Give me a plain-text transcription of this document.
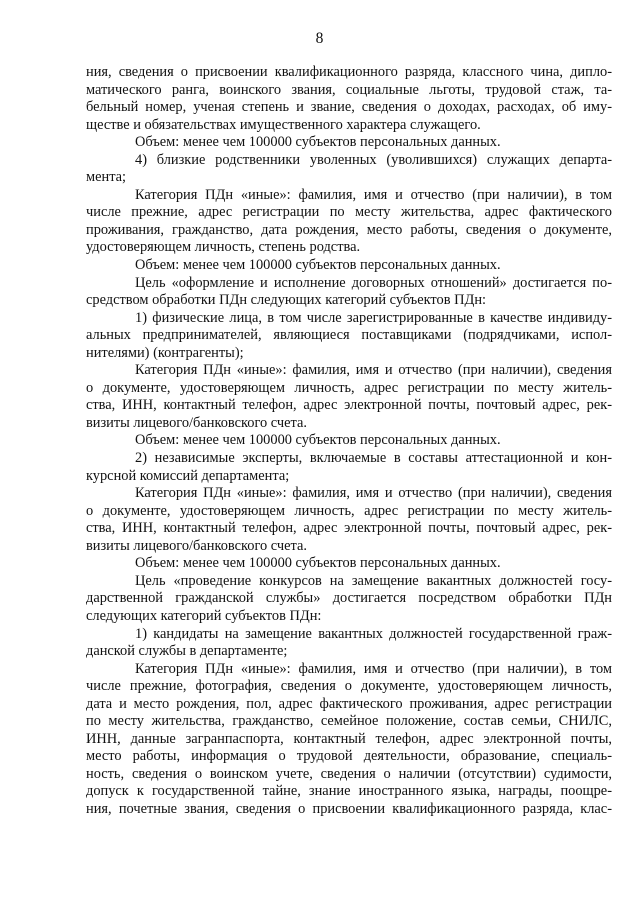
8
ния, сведения о присвоении квалификационного разряда, классного чина, дипло-
матического ранга, воинского звания, социальные льготы, трудовой стаж, та-
бельный номер, ученая степень и звание, сведения о доходах, расходах, об иму-
ществе и обязательствах имущественного характера служащего.
Объем: менее чем 100000 субъектов персональных данных.
4) близкие родственники уволенных (уволившихся) служащих департа-
мента;
Категория ПДн «иные»: фамилия, имя и отчество (при наличии), в том
числе прежние, адрес регистрации по месту жительства, адрес фактического
проживания, гражданство, дата рождения, место работы, сведения о документе,
удостоверяющем личность, степень родства.
Объем: менее чем 100000 субъектов персональных данных.
Цель «оформление и исполнение договорных отношений» достигается по-
средством обработки ПДн следующих категорий субъектов ПДн:
1) физические лица, в том числе зарегистрированные в качестве индивиду-
альных предпринимателей, являющиеся поставщиками (подрядчиками, испол-
нителями) (контрагенты);
Категория ПДн «иные»: фамилия, имя и отчество (при наличии), сведения
о документе, удостоверяющем личность, адрес регистрации по месту житель-
ства, ИНН, контактный телефон, адрес электронной почты, почтовый адрес, рек-
визиты лицевого/банковского счета.
Объем: менее чем 100000 субъектов персональных данных.
2) независимые эксперты, включаемые в составы аттестационной и кон-
курсной комиссий департамента;
Категория ПДн «иные»: фамилия, имя и отчество (при наличии), сведения
о документе, удостоверяющем личность, адрес регистрации по месту житель-
ства, ИНН, контактный телефон, адрес электронной почты, почтовый адрес, рек-
визиты лицевого/банковского счета.
Объем: менее чем 100000 субъектов персональных данных.
Цель «проведение конкурсов на замещение вакантных должностей госу-
дарственной гражданской службы» достигается посредством обработки ПДн
следующих категорий субъектов ПДн:
1) кандидаты на замещение вакантных должностей государственной граж-
данской службы в департаменте;
Категория ПДн «иные»: фамилия, имя и отчество (при наличии), в том
числе прежние, фотография, сведения о документе, удостоверяющем личность,
дата и место рождения, пол, адрес фактического проживания, адрес регистрации
по месту жительства, гражданство, семейное положение, состав семьи, СНИЛС,
ИНН, данные загранпаспорта, контактный телефон, адрес электронной почты,
место работы, информация о трудовой деятельности, образование, специаль-
ность, сведения о воинском учете, сведения о наличии (отсутствии) судимости,
допуск к государственной тайне, знание иностранного языка, награды, поощре-
ния, почетные звания, сведения о присвоении квалификационного разряда, клас-
